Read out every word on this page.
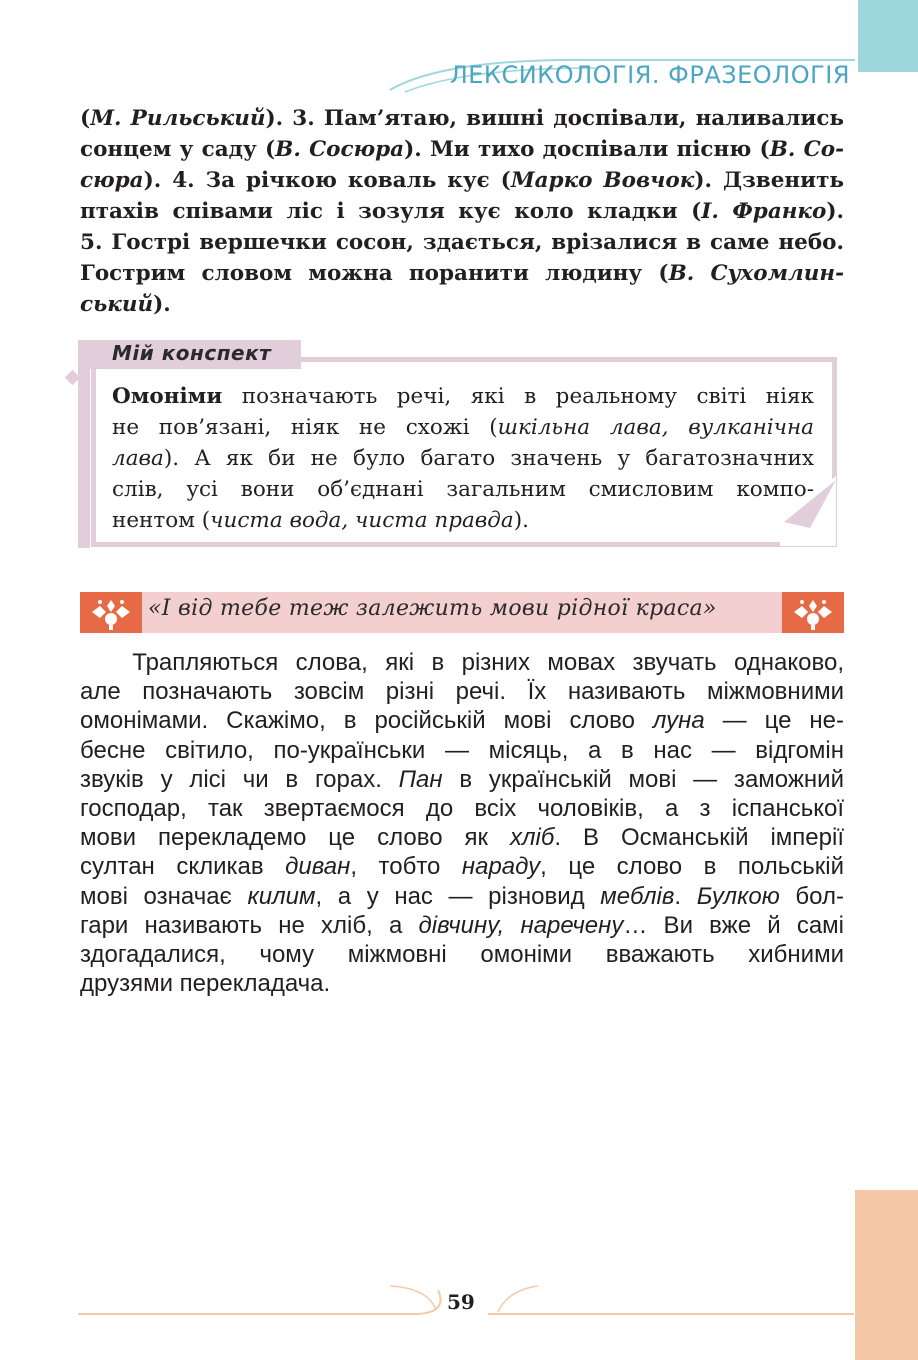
ЛЕКСИКОЛОГІЯ. ФРАЗЕОЛОГІЯ
(М. Рильський). 3. Пам’ятаю, вишні доспівали, наливались
сонцем у саду (В. Сосюра). Ми тихо доспівали пісню (В. Со-
сюра). 4. За річкою коваль кує (Марко Вовчок). Дзвенить
птахів співами ліс і зозуля кує коло кладки (І. Франко).
5. Гострі вершечки сосон, здається, врізалися в саме небо.
Гострим словом можна поранити людину (В. Сухомлин-
ський).
Мій конспект
Омоніми позначають речі, які в реальному світі ніяк
не пов’язані, ніяк не схожі (шкільна лава, вулканічна
лава). А як би не було багато значень у багатозначних
слів, усі вони об’єднані загальним смисловим компо-
нентом (чиста вода, чиста правда).
«І від тебе теж залежить мови рідної краса»
Трапляються слова, які в різних мовах звучать однаково,
але позначають зовсім різні речі. Їх називають міжмовними
омонімами. Скажімо, в російській мові слово луна — це не-
бесне світило, по-українськи — місяць, а в нас — відгомін
звуків у лісі чи в горах. Пан в українській мові — заможний
господар, так звертаємося до всіх чоловіків, а з іспанської
мови перекладемо це слово як хліб. В Османській імперії
султан скликав диван, тобто нараду, це слово в польській
мові означає килим, а у нас — різновид меблів. Булкою бол-
гари називають не хліб, а дівчину, наречену… Ви вже й самі
здогадалися, чому міжмовні омоніми вважають хибними
друзями перекладача.
59
